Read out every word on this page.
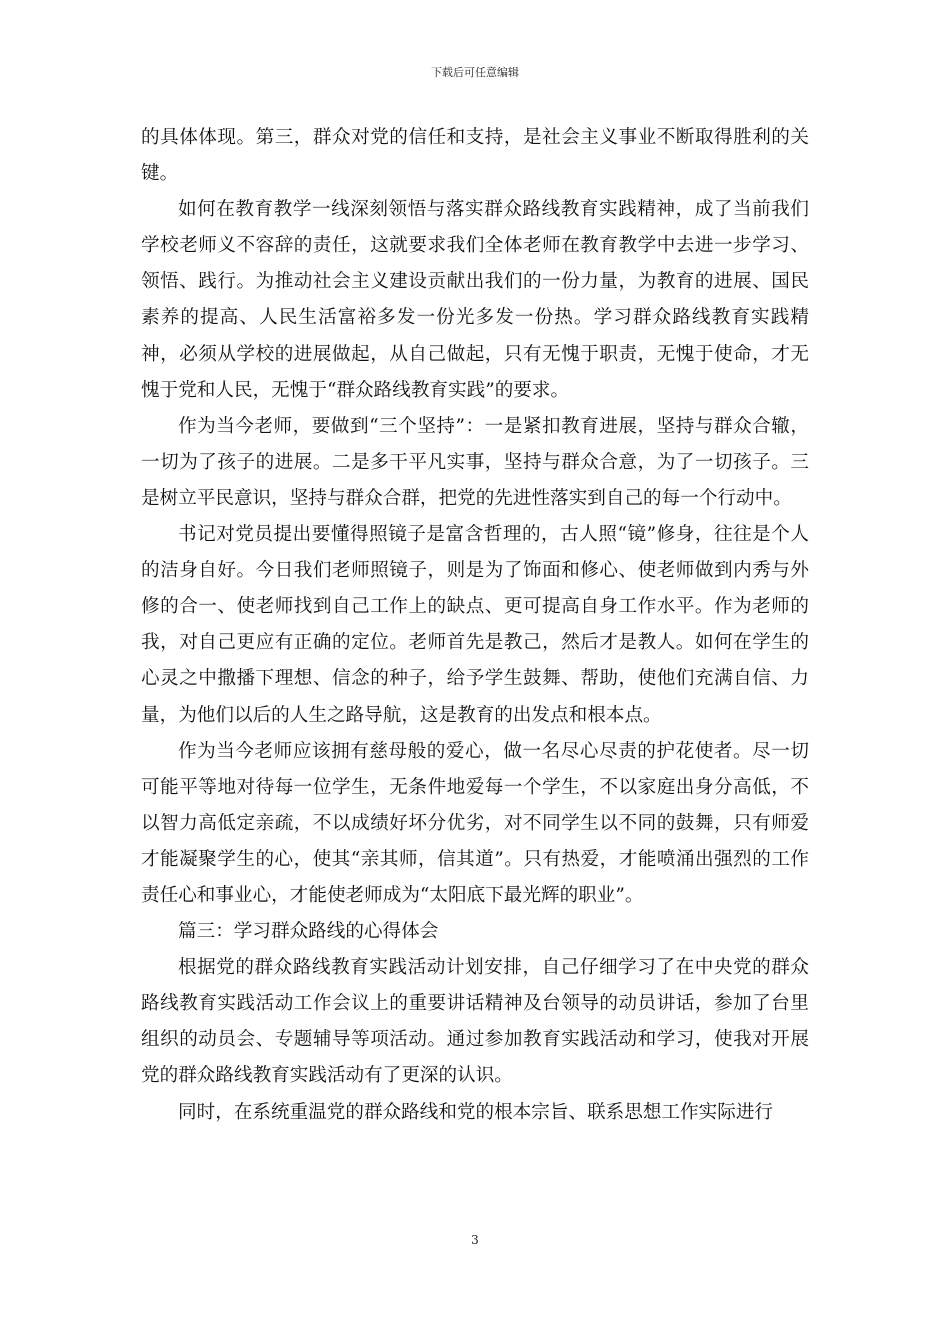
下载后可任意编辑

的具体体现。第三，群众对党的信任和支持，是社会主义事业不断取得胜利的关键。

如何在教育教学一线深刻领悟与落实群众路线教育实践精神，成了当前我们学校老师义不容辞的责任，这就要求我们全体老师在教育教学中去进一步学习、领悟、践行。为推动社会主义建设贡献出我们的一份力量，为教育的进展、国民素养的提高、人民生活富裕多发一份光多发一份热。学习群众路线教育实践精神，必须从学校的进展做起，从自己做起，只有无愧于职责，无愧于使命，才无愧于党和人民，无愧于“群众路线教育实践”的要求。

作为当今老师，要做到“三个坚持”：一是紧扣教育进展，坚持与群众合辙，一切为了孩子的进展。二是多干平凡实事，坚持与群众合意，为了一切孩子。三是树立平民意识，坚持与群众合群，把党的先进性落实到自己的每一个行动中。

书记对党员提出要懂得照镜子是富含哲理的，古人照“镜”修身，往往是个人的洁身自好。今日我们老师照镜子，则是为了饰面和修心、使老师做到内秀与外修的合一、使老师找到自己工作上的缺点、更可提高自身工作水平。作为老师的我，对自己更应有正确的定位。老师首先是教己，然后才是教人。如何在学生的心灵之中撒播下理想、信念的种子，给予学生鼓舞、帮助，使他们充满自信、力量，为他们以后的人生之路导航，这是教育的出发点和根本点。

作为当今老师应该拥有慈母般的爱心，做一名尽心尽责的护花使者。尽一切可能平等地对待每一位学生，无条件地爱每一个学生，不以家庭出身分高低，不以智力高低定亲疏，不以成绩好坏分优劣，对不同学生以不同的鼓舞，只有师爱才能凝聚学生的心，使其“亲其师，信其道”。只有热爱，才能喷涌出强烈的工作责任心和事业心，才能使老师成为“太阳底下最光辉的职业”。

篇三：学习群众路线的心得体会

根据党的群众路线教育实践活动计划安排，自己仔细学习了在中央党的群众路线教育实践活动工作会议上的重要讲话精神及台领导的动员讲话，参加了台里组织的动员会、专题辅导等项活动。通过参加教育实践活动和学习，使我对开展党的群众路线教育实践活动有了更深的认识。

同时，在系统重温党的群众路线和党的根本宗旨、联系思想工作实际进行

3
